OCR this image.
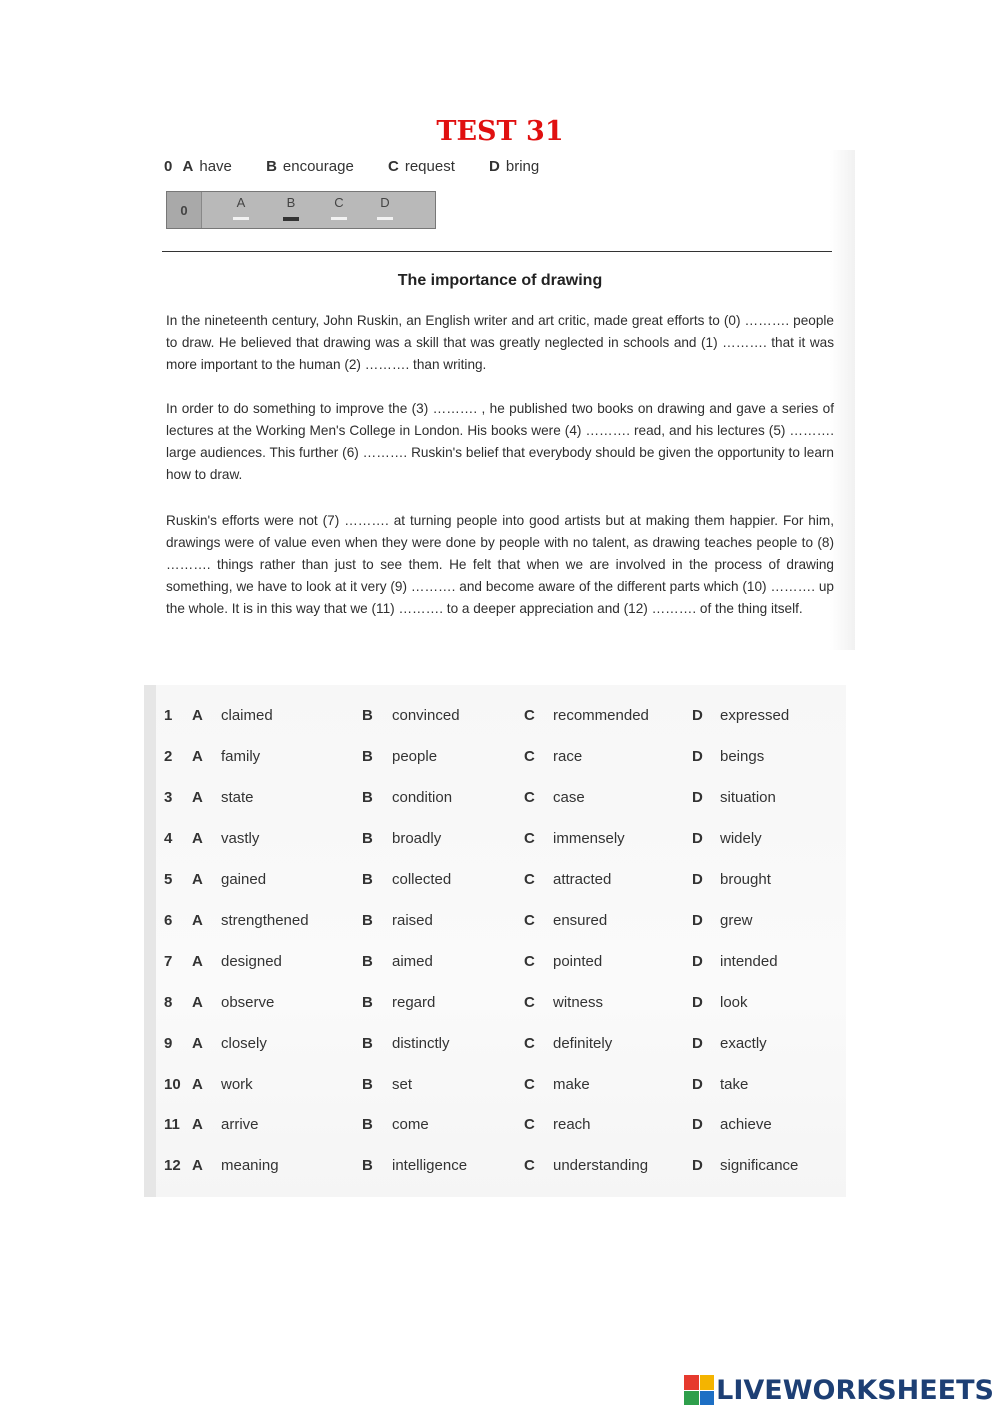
TEST 31
0 A have B encourage C request D bring
0	A	B	C	D
The importance of drawing
In the nineteenth century, John Ruskin, an English writer and art critic, made great efforts to (0) ………. people to draw. He believed that drawing was a skill that was greatly neglected in schools and (1) ………. that it was more important to the human (2) ………. than writing.
In order to do something to improve the (3) ………. , he published two books on drawing and gave a series of lectures at the Working Men's College in London. His books were (4) ………. read, and his lectures (5) ………. large audiences. This further (6) ………. Ruskin's belief that everybody should be given the opportunity to learn how to draw.
Ruskin's efforts were not (7) ………. at turning people into good artists but at making them happier. For him, drawings were of value even when they were done by people with no talent, as drawing teaches people to (8) ………. things rather than just to see them. He felt that when we are involved in the process of drawing something, we have to look at it very (9) ………. and become aware of the different parts which (10) ………. up the whole. It is in this way that we (11) ………. to a deeper appreciation and (12) ………. of the thing itself.
1	A claimed	B convinced	C recommended	D expressed
2	A family	B people	C race	D beings
3	A state	B condition	C case	D situation
4	A vastly	B broadly	C immensely	D widely
5	A gained	B collected	C attracted	D brought
6	A strengthened	B raised	C ensured	D grew
7	A designed	B aimed	C pointed	D intended
8	A observe	B regard	C witness	D look
9	A closely	B distinctly	C definitely	D exactly
10 A work	B set	C make	D take
11 A arrive	B come	C reach	D achieve
12 A meaning	B intelligence	C understanding	D significance
LIVEWORKSHEETS
